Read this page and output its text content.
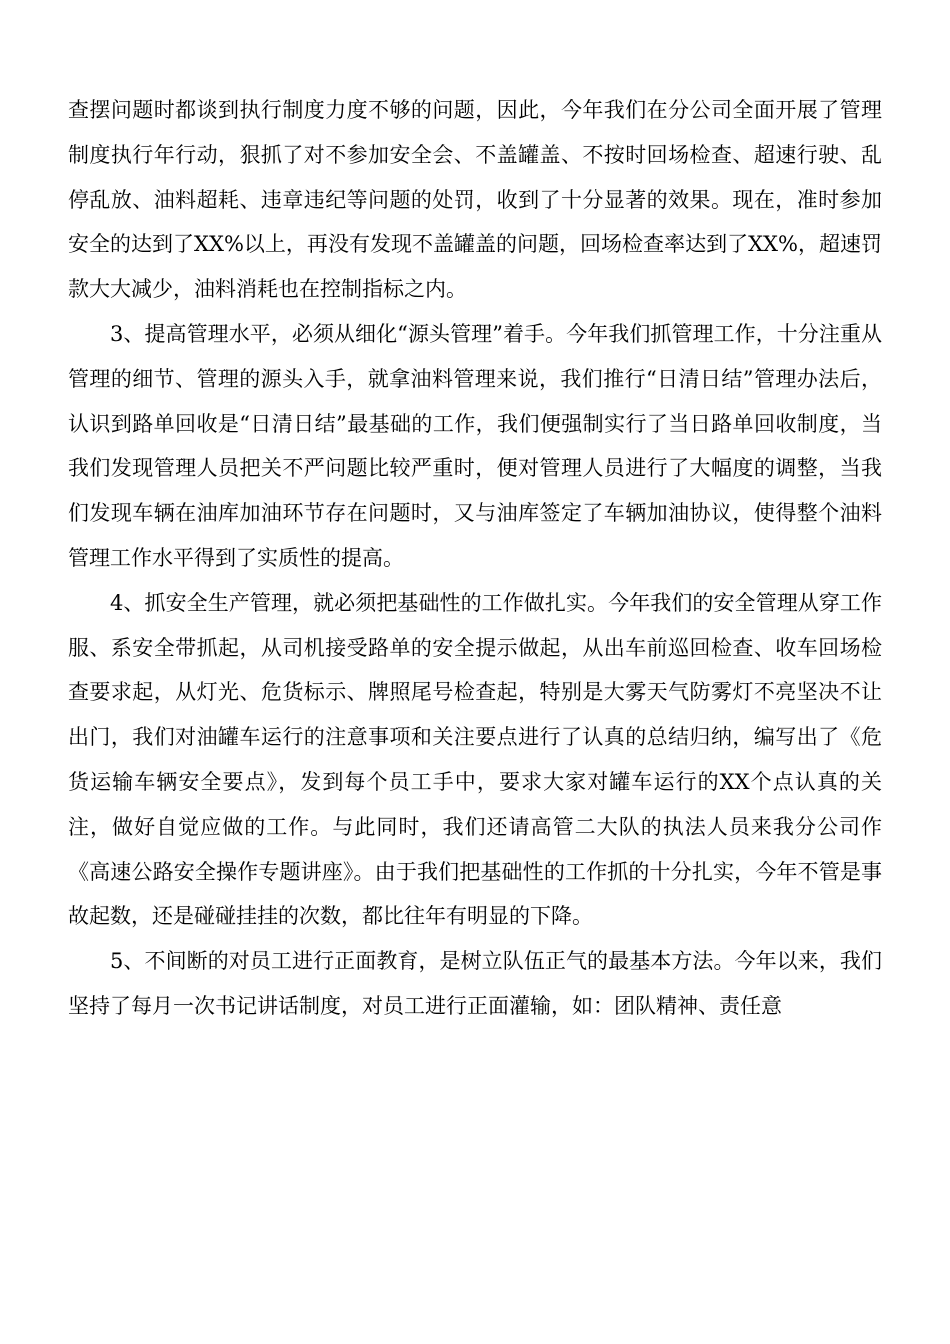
查摆问题时都谈到执行制度力度不够的问题，因此，今年我们在分公司全面开展了管理制度执行年行动，狠抓了对不参加安全会、不盖罐盖、不按时回场检查、超速行驶、乱停乱放、油料超耗、违章违纪等问题的处罚，收到了十分显著的效果。现在，准时参加安全的达到了XX%以上，再没有发现不盖罐盖的问题，回场检查率达到了XX%，超速罚款大大减少，油料消耗也在控制指标之内。

3、提高管理水平，必须从细化“源头管理”着手。今年我们抓管理工作，十分注重从管理的细节、管理的源头入手，就拿油料管理来说，我们推行“日清日结”管理办法后，认识到路单回收是“日清日结”最基础的工作，我们便强制实行了当日路单回收制度，当我们发现管理人员把关不严问题比较严重时，便对管理人员进行了大幅度的调整，当我们发现车辆在油库加油环节存在问题时，又与油库签定了车辆加油协议，使得整个油料管理工作水平得到了实质性的提高。

4、抓安全生产管理，就必须把基础性的工作做扎实。今年我们的安全管理从穿工作服、系安全带抓起，从司机接受路单的安全提示做起，从出车前巡回检查、收车回场检查要求起，从灯光、危货标示、牌照尾号检查起，特别是大雾天气防雾灯不亮坚决不让出门，我们对油罐车运行的注意事项和关注要点进行了认真的总结归纳，编写出了《危货运输车辆安全要点》，发到每个员工手中，要求大家对罐车运行的XX个点认真的关注，做好自觉应做的工作。与此同时，我们还请高管二大队的执法人员来我分公司作《高速公路安全操作专题讲座》。由于我们把基础性的工作抓的十分扎实，今年不管是事故起数，还是碰碰挂挂的次数，都比往年有明显的下降。

5、不间断的对员工进行正面教育，是树立队伍正气的最基本方法。今年以来，我们坚持了每月一次书记讲话制度，对员工进行正面灌输，如：团队精神、责任意
